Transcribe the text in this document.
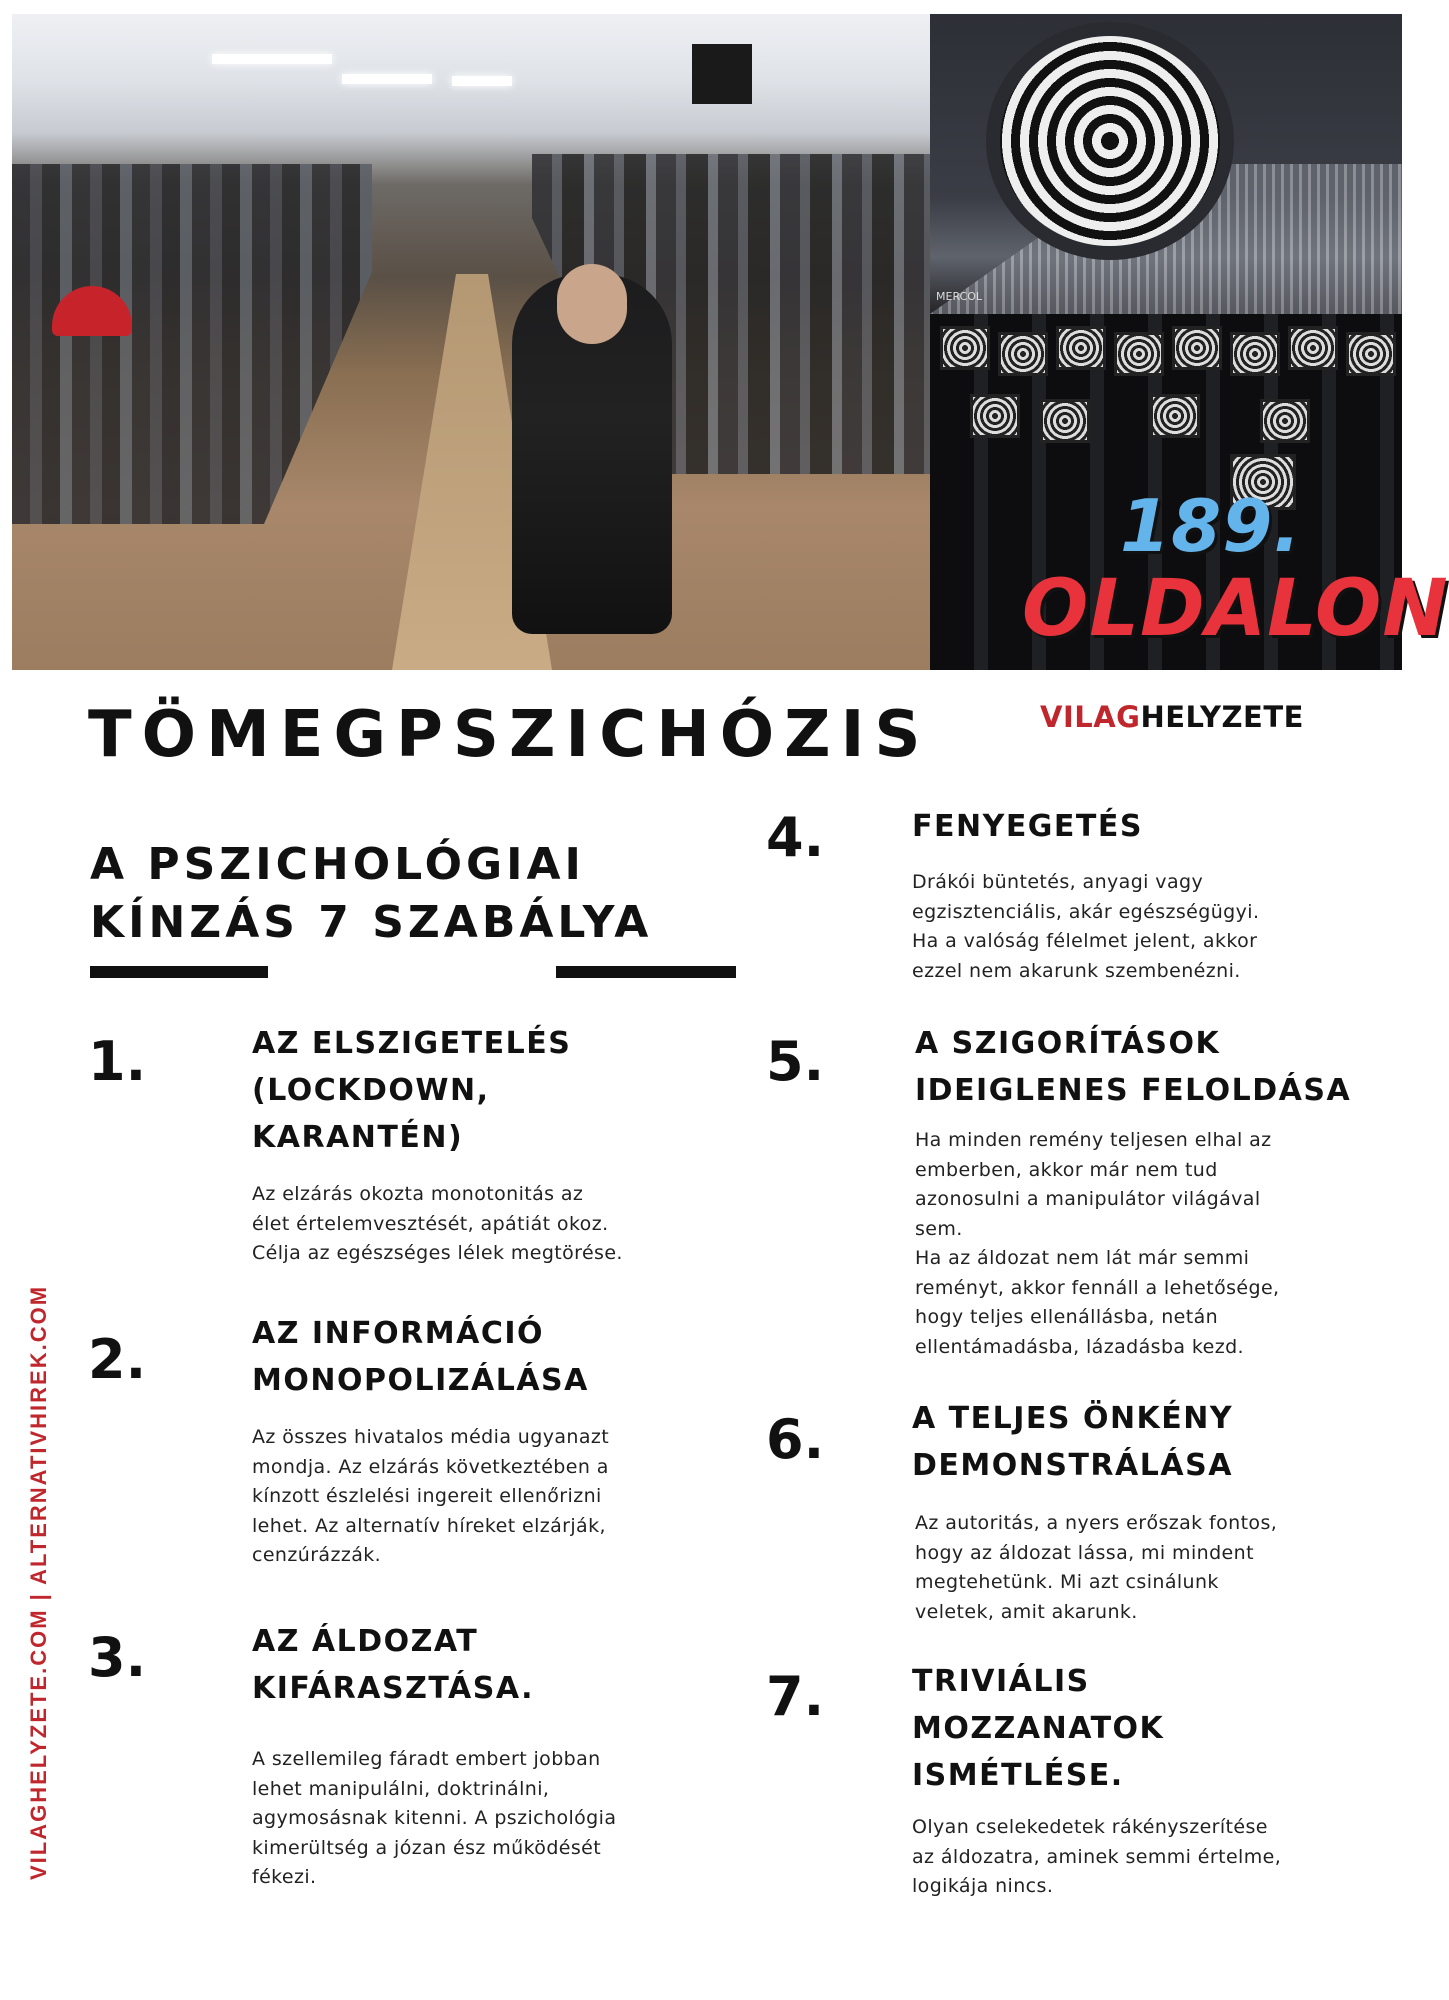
MERCOL
189.
OLDALON
VILAGHELYZETE.COM | ALTERNATIVHIREK.COM
TÖMEGPSZICHÓZIS	VILAGHELYZETE
A PSZICHOLÓGIAI
KÍNZÁS 7 SZABÁLYA
1.	AZ ELSZIGETELÉS (LOCKDOWN, KARANTÉN)

Az elzárás okozta monotonitás az
élet értelemvesztését, apátiát okoz.
Célja az egészséges lélek megtörése.

2.	AZ INFORMÁCIÓ MONOPOLIZÁLÁSA

Az összes hivatalos média ugyanazt
mondja. Az elzárás következtében a
kínzott észlelési ingereit ellenőrizni
lehet. Az alternatív híreket elzárják,
cenzúrázzák.

3.	AZ ÁLDOZAT KIFÁRASZTÁSA.

A szellemileg fáradt embert jobban
lehet manipulálni, doktrinálni,
agymosásnak kitenni. A pszichológia
kimerültség a józan ész működését
fékezi.

4.	FENYEGETÉS

Drákói büntetés, anyagi vagy
egzisztenciális, akár egészségügyi.
Ha a valóság félelmet jelent, akkor
ezzel nem akarunk szembenézni.

5.	A SZIGORÍTÁSOK IDEIGLENES FELOLDÁSA

Ha minden remény teljesen elhal az
emberben, akkor már nem tud
azonosulni a manipulátor világával
sem.
Ha az áldozat nem lát már semmi
reményt, akkor fennáll a lehetősége,
hogy teljes ellenállásba, netán
ellentámadásba, lázadásba kezd.

6.	A TELJES ÖNKÉNY DEMONSTRÁLÁSA

Az autoritás, a nyers erőszak fontos,
hogy az áldozat lássa, mi mindent
megtehetünk. Mi azt csinálunk
veletek, amit akarunk.

7.	TRIVIÁLIS MOZZANATOK ISMÉTLÉSE.

Olyan cselekedetek rákényszerítése
az áldozatra, aminek semmi értelme,
logikája nincs.
